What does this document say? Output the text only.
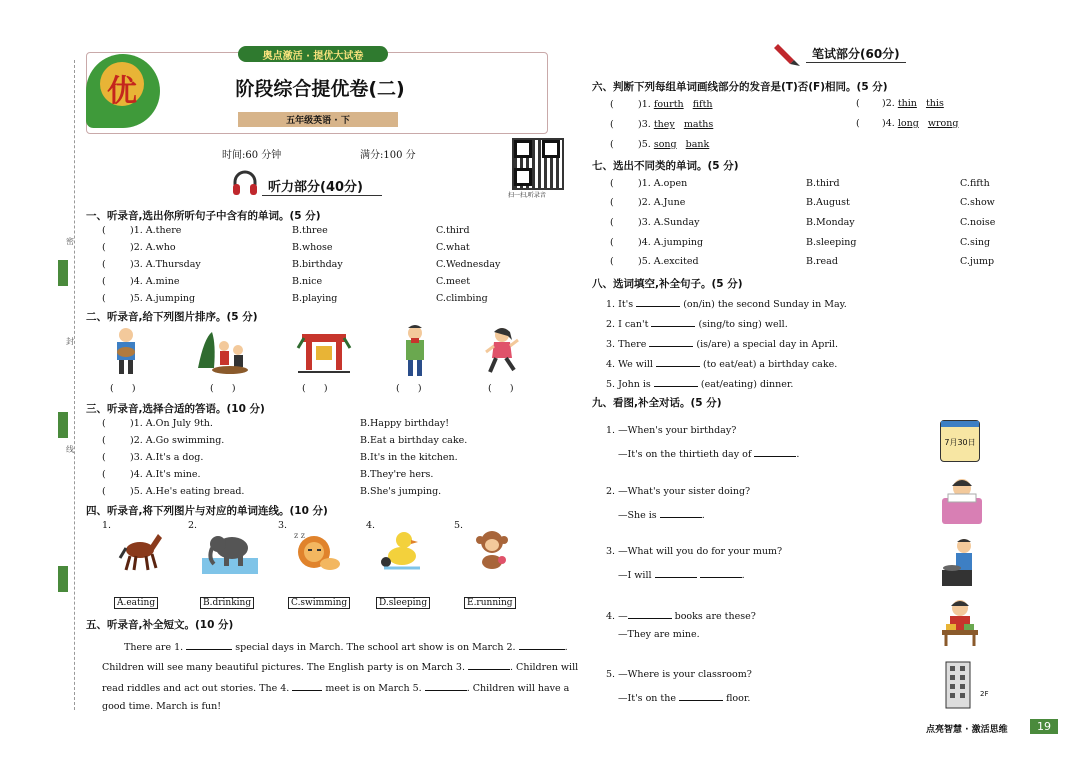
密
封
线
奥点激活 · 提优大试卷
优	阶段综合提优卷(二)
五年级英语 · 下
时间:60 分钟	满分:100 分
扫一扫,听录音
听力部分(40分)
一、听录音,选出你所听句子中含有的单词。(5 分)
(	)1. A.there	B.three	C.third
(	)2. A.who	B.whose	C.what
(	)3. A.Thursday	B.birthday	C.Wednesday
(	)4. A.mine	B.nice	C.meet
(	)5. A.jumping	B.playing	C.climbing
二、听录音,给下列图片排序。(5 分)
(      )	(      )	(      )	(      )	(      )
三、听录音,选择合适的答语。(10 分)
(	)1. A.On July 9th.	B.Happy birthday!
(	)2. A.Go swimming.	B.Eat a birthday cake.
(	)3. A.It's a dog.	B.It's in the kitchen.
(	)4. A.It's mine.	B.They're hers.
(	)5. A.He's eating bread.	B.She's jumping.
四、听录音,将下列图片与对应的单词连线。(10 分)
1.	2.	3.	4.	5.
z z
A.eating	B.drinking	C.swimming	D.sleeping	E.running
五、听录音,补全短文。(10 分)
There are 1.	special days in March. The school art show is on March 2.	.
Children will see many beautiful pictures. The English party is on March 3.	. Children will
read riddles and act out stories. The 4.	meet is on March 5.	. Children will have a
good time. March is fun!
笔试部分(60分)
六、判断下列每组单词画线部分的发音是(T)否(F)相同。(5 分)
(	)1. fourth fifth	( )2. thin this
(	)3. they maths	( )4. long wrong
(	)5. song bank
七、选出不同类的单词。(5 分)
(	)1. A.open	B.third	C.fifth
(	)2. A.June	B.August	C.show
(	)3. A.Sunday	B.Monday	C.noise
(	)4. A.jumping	B.sleeping	C.sing
(	)5. A.excited	B.read	C.jump
八、选词填空,补全句子。(5 分)
1. It's	(on/in) the second Sunday in May.
2. I can't	(sing/to sing) well.
3. There	(is/are) a special day in April.
4. We will	(to eat/eat) a birthday cake.
5. John is	(eat/eating) dinner.
九、看图,补全对话。(5 分)
1. —When's your birthday?
—It's on the thirtieth day of	.
7月30日
2. —What's your sister doing?
—She is	.
3. —What will you do for your mum?
—I will	.
4. —	books are these?
—They are mine.
5. —Where is your classroom?
—It's on the	floor.	2F
点亮智慧 · 激活思维	19
